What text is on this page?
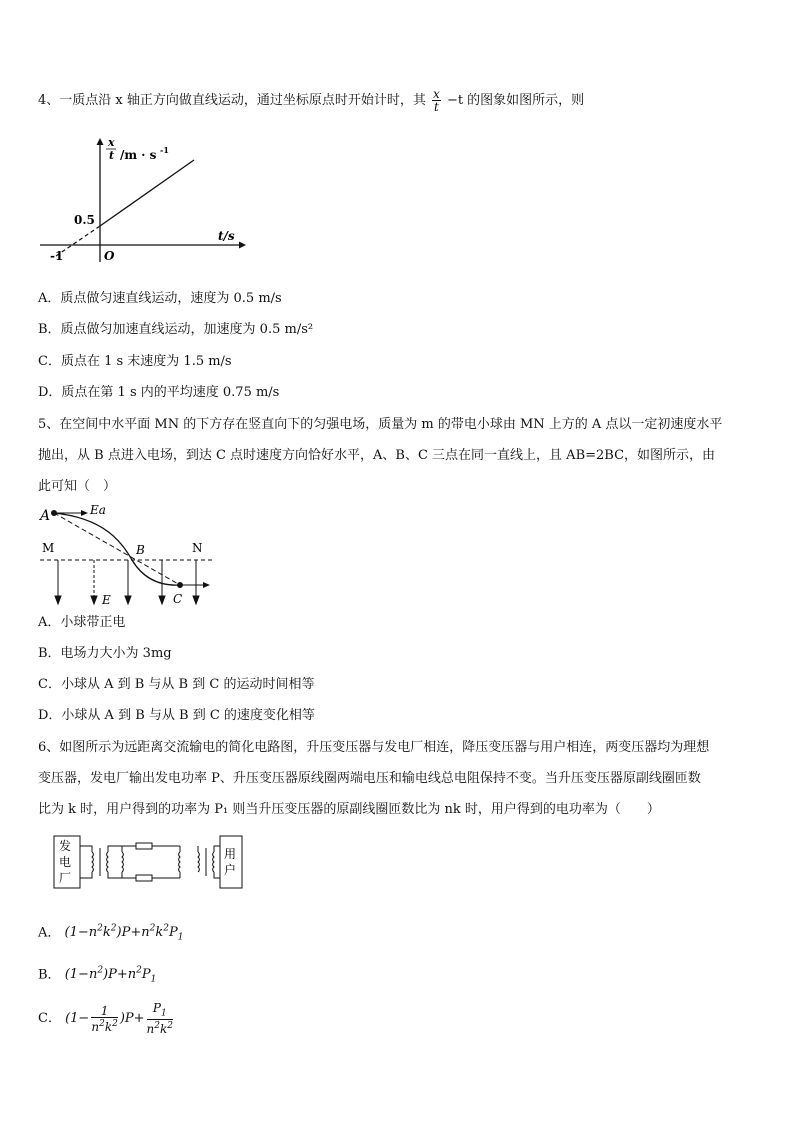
4、一质点沿 x 轴正方向做直线运动，通过坐标原点时开始计时，其 $\frac{x}{t} -t$ 的图象如图所示，则
x
t /m · s -1
0.5
t/s
-1	O
A．质点做匀速直线运动，速度为 0.5 m/s
B．质点做匀加速直线运动，加速度为 0.5 m/s²
C．质点在 1 s 末速度为 1.5 m/s
D．质点在第 1 s 内的平均速度 0.75 m/s
5、在空间中水平面 MN 的下方存在竖直向下的匀强电场，质量为 m 的带电小球由 MN 上方的 A 点以一定初速度水平
抛出，从 B 点进入电场，到达 C 点时速度方向恰好水平，A、B、C 三点在同一直线上，且 AB=2BC，如图所示，由
此可知（　）
A	Ea
M	N
B
E	C
A．小球带正电
B．电场力大小为 3mg
C．小球从 A 到 B 与从 B 到 C 的运动时间相等
D．小球从 A 到 B 与从 B 到 C 的速度变化相等
6、如图所示为远距离交流输电的简化电路图，升压变压器与发电厂相连，降压变压器与用户相连，两变压器均为理想
变压器，发电厂输出发电功率 P、升压变压器原线圈两端电压和输电线总电阻保持不变。当升压变压器原副线圈匝数
比为 k 时，用户得到的功率为 P₁ 则当升压变压器的原副线圈匝数比为 nk 时，用户得到的电功率为（　　）
发
电
厂
用
户
A． $(1-n^2k^2)P+n^2k^2P_1$
B． $(1-n^2)P+n^2P_1$
C． $(1- \frac{1}{n^2k^2} )P+ \frac{P_1}{n^2k^2}$
